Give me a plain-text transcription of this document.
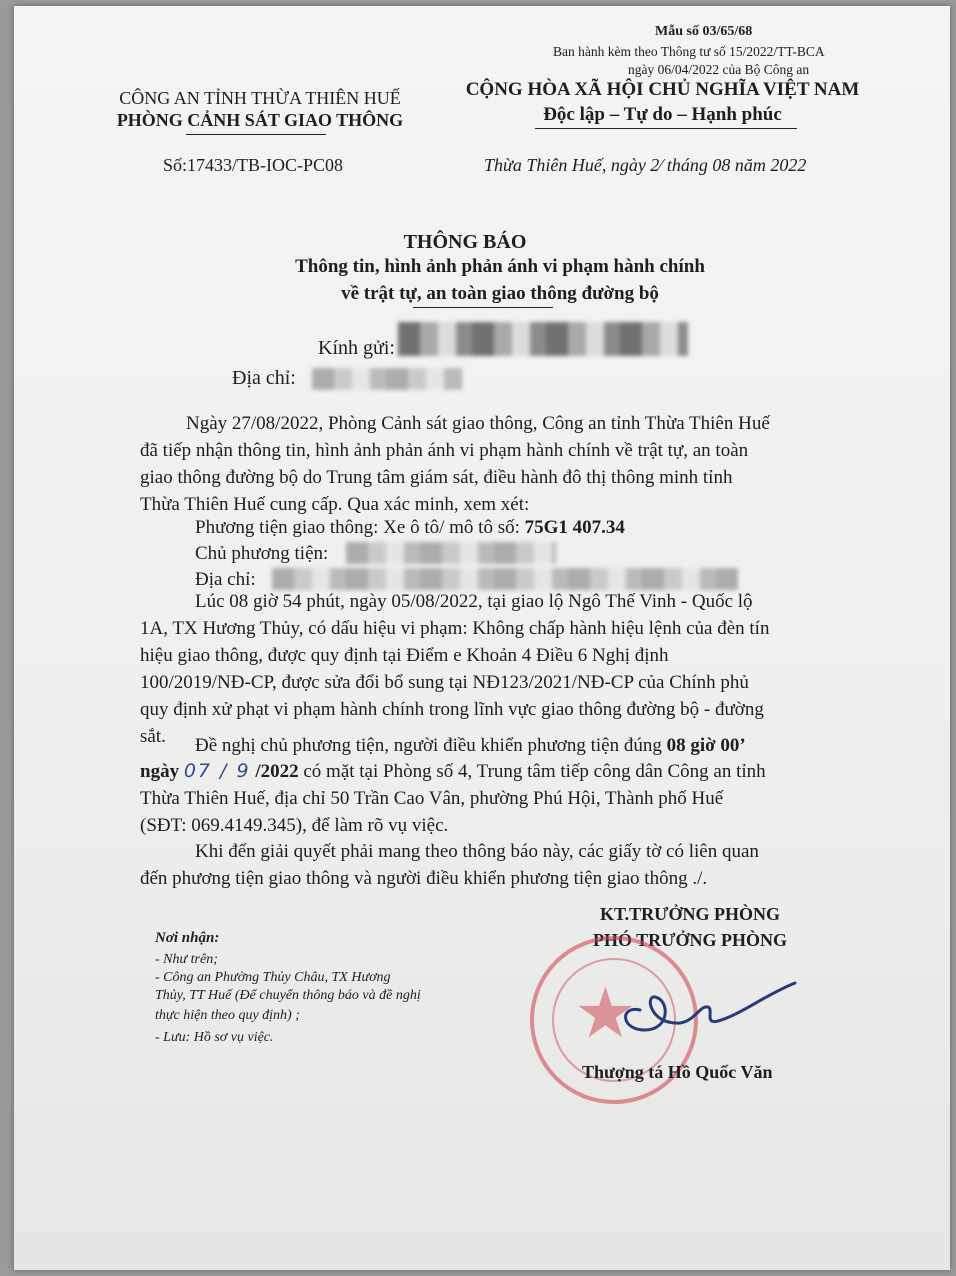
Mẫu số 03/65/68
Ban hành kèm theo Thông tư số 15/2022/TT-BCA
ngày 06/04/2022 của Bộ Công an
CÔNG AN TỈNH THỪA THIÊN HUẾ
PHÒNG CẢNH SÁT GIAO THÔNG
Số:17433/TB-IOC-PC08
CỘNG HÒA XÃ HỘI CHỦ NGHĨA VIỆT NAM
Độc lập – Tự do – Hạnh phúc
Thừa Thiên Huế, ngày 2⁄ tháng 08 năm 2022
THÔNG BÁO
Thông tin, hình ảnh phản ánh vi phạm hành chính
về trật tự, an toàn giao thông đường bộ
Kính gửi:
Địa chỉ:
Ngày 27/08/2022, Phòng Cảnh sát giao thông, Công an tỉnh Thừa Thiên Huế
đã tiếp nhận thông tin, hình ảnh phản ánh vi phạm hành chính về trật tự, an toàn
giao thông đường bộ do Trung tâm giám sát, điều hành đô thị thông minh tỉnh
Thừa Thiên Huế cung cấp. Qua xác minh, xem xét:
Phương tiện giao thông: Xe ô tô/ mô tô số: 75G1 407.34
Chủ phương tiện:
Địa chỉ:
Lúc 08 giờ 54 phút, ngày 05/08/2022, tại giao lộ Ngô Thế Vinh - Quốc lộ
1A, TX Hương Thủy, có dấu hiệu vi phạm: Không chấp hành hiệu lệnh của đèn tín
hiệu giao thông, được quy định tại Điểm e Khoản 4 Điều 6 Nghị định
100/2019/NĐ-CP, được sửa đổi bổ sung tại NĐ123/2021/NĐ-CP của Chính phủ
quy định xử phạt vi phạm hành chính trong lĩnh vực giao thông đường bộ - đường
sắt. Đề nghị chủ phương tiện, người điều khiển phương tiện đúng 08 giờ 00’
ngày 07 / 9 /2022 có mặt tại Phòng số 4, Trung tâm tiếp công dân Công an tỉnh
Thừa Thiên Huế, địa chỉ 50 Trần Cao Vân, phường Phú Hội, Thành phố Huế
(SĐT: 069.4149.345), để làm rõ vụ việc.
Khi đến giải quyết phải mang theo thông báo này, các giấy tờ có liên quan
đến phương tiện giao thông và người điều khiển phương tiện giao thông ./.
Nơi nhận:
- Như trên;
- Công an Phường Thủy Châu, TX Hương
Thủy, TT Huế (Để chuyển thông báo và đề nghị
thực hiện theo quy định) ;
- Lưu: Hồ sơ vụ việc.
KT.TRƯỞNG PHÒNG
PHÓ TRƯỞNG PHÒNG
★
Thượng tá Hồ Quốc Văn
